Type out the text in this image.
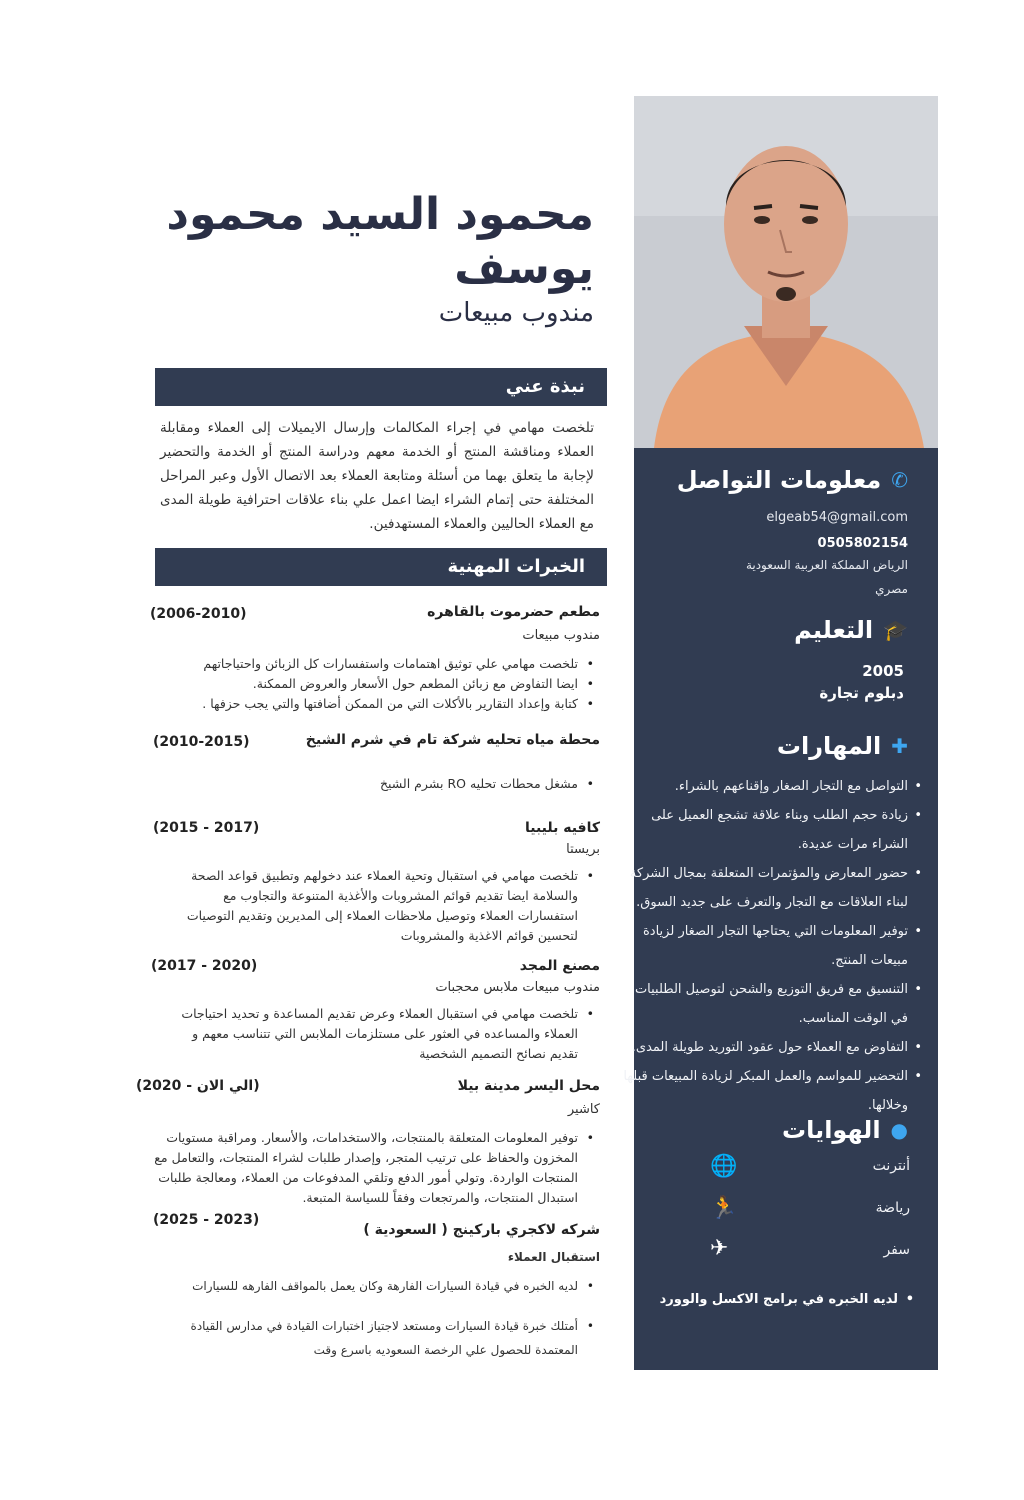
✆
معلومات التواصل
elgeab54@gmail.com
0505802154
الرياض المملكة العربية السعودية
مصري
🎓
التعليم
2005
دبلوم تجارة
✚
المهارات
• التواصل مع التجار الصغار وإقناعهم بالشراء.
• زيادة حجم الطلب وبناء علاقة تشجع العميل على الشراء مرات عديدة.
• حضور المعارض والمؤتمرات المتعلقة بمجال الشركة لبناء العلاقات مع التجار والتعرف على جديد السوق.
• توفير المعلومات التي يحتاجها التجار الصغار لزيادة مبيعات المنتج.
• التنسيق مع فريق التوزيع والشحن لتوصيل الطلبيات في الوقت المناسب.
• التفاوض مع العملاء حول عقود التوريد طويلة المدى.
• التحضير للمواسم والعمل المبكر لزيادة المبيعات قبلها وخلالها.
●
الهوايات
أنترنت
🌐
رياضة
🏃
سفر
✈
• لديه الخبره في برامج الاكسل والوورد
محمود السيد محمود يوسف
مندوب مبيعات
نبذة عني

تلخصت مهامي في إجراء المكالمات وإرسال الايميلات إلى العملاء ومقابلة العملاء ومناقشة المنتج أو الخدمة معهم ودراسة المنتج أو الخدمة والتحضير لإجابة ما يتعلق بهما من أسئلة ومتابعة العملاء بعد الاتصال الأول وعبر المراحل المختلفة حتى إتمام الشراء ايضا اعمل علي بناء علاقات احترافية طويلة المدى مع العملاء الحاليين والعملاء المستهدفين.

الخبرات المهنية
مطعم حضرموت بالقاهره
(2006-2010)
مندوب مبيعات
• تلخصت مهامي علي توثيق اهتمامات واستفسارات كل الزبائن واحتياجاتهم
• ايضا التفاوض مع زبائن المطعم حول الأسعار والعروض الممكنة.
• كتابة وإعداد التقارير بالأكلات التي من الممكن أضافتها والتي يجب حزفها .
محطة مياه تحليه شركة تام في شرم الشيخ
(2010-2015)
• مشغل محطات تحليه RO بشرم الشيخ
كافيه بليبيا
(2015 - 2017)
بريستا
• تلخصت مهامي في استقبال وتحية العملاء عند دخولهم وتطبيق قواعد الصحة والسلامة ايضا تقديم قوائم المشروبات والأغذية المتنوعة والتجاوب مع استفسارات العملاء وتوصيل ملاحظات العملاء إلى المديرين وتقديم التوصيات لتحسين قوائم الاغذية والمشروبات
مصنع المجد
(2017 - 2020)
مندوب مبيعات ملابس محجبات
• تلخصت مهامي في استقبال العملاء وعرض تقديم المساعدة و تحديد احتياجات العملاء والمساعده في العثور على مستلزمات الملابس التي تتناسب معهم و تقديم نصائح التصميم الشخصية
محل اليسر مدينة بيلا
(الي الان - 2020)
كاشير
• توفير المعلومات المتعلقة بالمنتجات، والاستخدامات، والأسعار. ومراقبة مستويات المخزون والحفاظ على ترتيب المتجر، وإصدار طلبات لشراء المنتجات، والتعامل مع المنتجات الواردة. وتولي أمور الدفع وتلقي المدفوعات من العملاء، ومعالجة طلبات استبدال المنتجات، والمرتجعات وفقاً للسياسة المتبعة.
شركه لاكجري باركينج ( السعودية )
(2025 - 2023)
استقبال العملاء
• لديه الخبره في قيادة السيارات الفارهة وكان يعمل بالمواقف الفارهه للسيارات
• أمتلك خبرة قيادة السيارات ومستعد لاجتياز اختبارات القيادة في مدارس القيادة المعتمدة للحصول علي الرخصة السعوديه باسرع وقت
